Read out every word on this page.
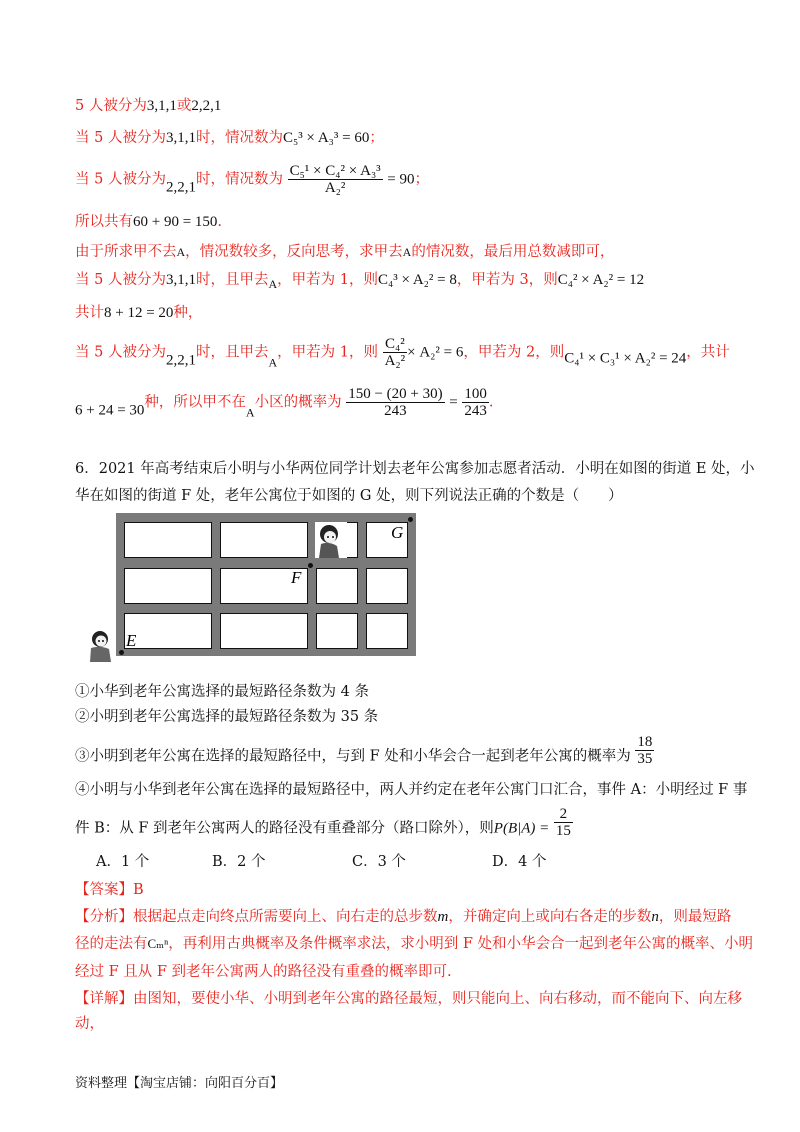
5 人被分为3,1,1或2,2,1
当 5 人被分为3,1,1时，情况数为C₅³ × A₃³ = 60；
当 5 人被分为2,2,1时，情况数为 $\frac{\text{C₅¹ × C₄² × A₃³}}{\text{A₂²}} = 90$；
所以共有60 + 90 = 150.
由于所求甲不去A，情况数较多，反向思考，求甲去A的情况数，最后用总数减即可，
当 5 人被分为3,1,1时，且甲去$_A$，甲若为 1，则C₄³ × A₂² = 8，甲若为 3，则C₄² × A₂² = 12
共计8 + 12 = 20种，
当 5 人被分为2,2,1时，且甲去$_A$，甲若为 1，则 $\frac{\text{C₄²}}{\text{A₂²}} \times A_2^2 = 6$，甲若为 2，则C₄¹ × C₃¹ × A₂² = 24，共计
6 + 24 = 30种，所以甲不在$_A$小区的概率为 $\frac{150 - (20 + 30)}{243} = \frac{100}{243}$ .
6．2021 年高考结束后小明与小华两位同学计划去老年公寓参加志愿者活动．小明在如图的街道 E 处，小
华在如图的街道 F 处，老年公寓位于如图的 G 处，则下列说法正确的个数是（　　）
G
F
E
①小华到老年公寓选择的最短路径条数为 4 条
②小明到老年公寓选择的最短路径条数为 35 条
③小明到老年公寓在选择的最短路径中，与到 F 处和小华会合一起到老年公寓的概率为 $\frac{18}{35}$
④小明与小华到老年公寓在选择的最短路径中，两人并约定在老年公寓门口汇合，事件 A：小明经过 F 事
件 B：从 F 到老年公寓两人的路径没有重叠部分（路口除外），则$P(B|A) = \frac{2}{15}$
A．1 个	B．2 个	C．3 个	D．4 个
【答案】B
【分析】根据起点走向终点所需要向上、向右走的总步数m，并确定向上或向右各走的步数n，则最短路
径的走法有Cₘⁿ，再利用古典概率及条件概率求法，求小明到 F 处和小华会合一起到老年公寓的概率、小明
经过 F 且从 F 到老年公寓两人的路径没有重叠的概率即可.
【详解】由图知，要使小华、小明到老年公寓的路径最短，则只能向上、向右移动，而不能向下、向左移
动，
资料整理【淘宝店铺：向阳百分百】
